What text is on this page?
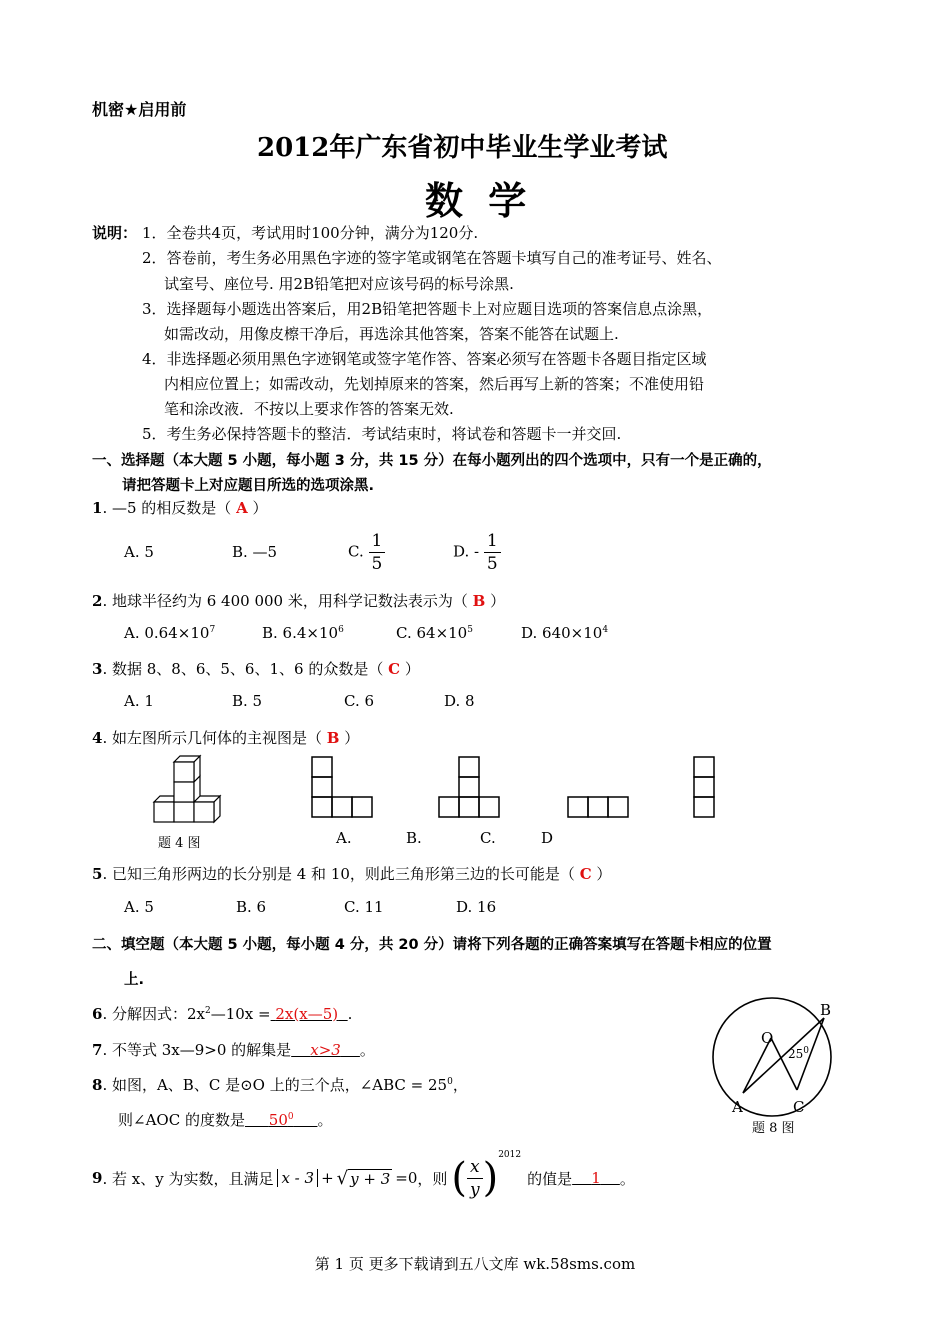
机密★启用前
2012年广东省初中毕业生学业考试
数 学
说明： 1．全卷共4页，考试用时100分钟，满分为120分.
2．答卷前，考生务必用黑色字迹的签字笔或钢笔在答题卡填写自己的准考证号、姓名、
试室号、座位号. 用2B铅笔把对应该号码的标号涂黑.
3．选择题每小题选出答案后，用2B铅笔把答题卡上对应题目选项的答案信息点涂黑，
如需改动，用像皮檫干净后，再选涂其他答案，答案不能答在试题上.
4．非选择题必须用黑色字迹钢笔或签字笔作答、答案必须写在答题卡各题目指定区域
内相应位置上；如需改动，先划掉原来的答案，然后再写上新的答案；不准使用铅
笔和涂改液．不按以上要求作答的答案无效.
5．考生务必保持答题卡的整洁．考试结束时，将试卷和答题卡一并交回.
一、选择题（本大题 5 小题，每小题 3 分，共 15 分）在每小题列出的四个选项中，只有一个是正确的，
请把答题卡上对应题目所选的选项涂黑.
1. —5 的相反数是（ A ）
A. 5	B. —5	C. $\frac{1}{5}$	D. - $\frac{1}{5}$
2. 地球半径约为 6 400 000 米，用科学记数法表示为（ B ）
A. $0.64\times 10^7$	B. $6.4\times 10^6$	C. $64\times 10^5$	D. $640\times 10^4$
3. 数据 8、8、6、5、6、1、6 的众数是（ C ）
A. 1	B. 5	C. 6	D. 8
4. 如左图所示几何体的主视图是（ B ）
题 4 图	A.	B.	C.	D
5. 已知三角形两边的长分别是 4 和 10，则此三角形第三边的长可能是（ C ）
A. 5	B. 6	C. 11	D. 16
二、填空题（本大题 5 小题，每小题 4 分，共 20 分）请将下列各题的正确答案填写在答题卡相应的位置
上.
6. 分解因式：$2x^2—10x$ = 2x(x—5) .
7. 不等式 3x—9>0 的解集是 x>3 。
8. 如图，A、B、C 是⊙O 上的三个点，∠ABC = $25^0$，
则∠AOC 的度数是 $50^0$ 。
B
O
$25^0$
A	C
题 8 图
9 . 若 x、y 为实数，且满足 x - 3 + √ y + 3 =0 ，则 ( $\frac{x}{y}$ ) 2012
的值是	1	。
第 1 页 更多下载请到五八文库 wk.58sms.com
